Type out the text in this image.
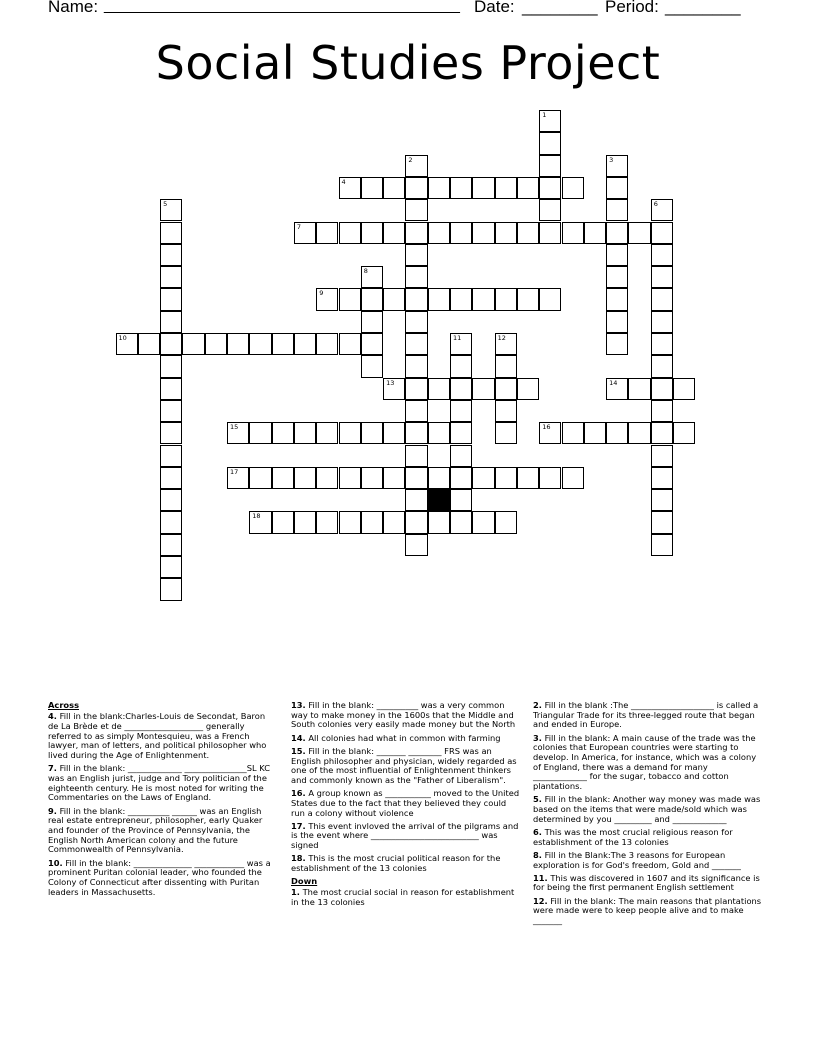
Name: ________________________________________ Date: ________ Period: ________
Social Studies Project
1
2	3
4
5	6
7
8
9
10	11	12
13	14
15	16
17
18
Across
4. Fill in the blank:Charles-Louis de Secondat, Baron de La Brède et de ___________________ generally referred to as simply Montesquieu, was a French lawyer, man of letters, and political philosopher who lived during the Age of Enlightenment.
7. Fill in the blank: _____________ _______________SL KC was an English jurist, judge and Tory politician of the eighteenth century. He is most noted for writing the Commentaries on the Laws of England.
9. Fill in the blank: __________ ______ was an English real estate entrepreneur, philosopher, early Quaker and founder of the Province of Pennsylvania, the English North American colony and the future Commonwealth of Pennsylvania.
10. Fill in the blank: ______________ ____________ was a prominent Puritan colonial leader, who founded the Colony of Connecticut after dissenting with Puritan leaders in Massachusetts.
13. Fill in the blank: __________ was a very common way to make money in the 1600s that the Middle and South colonies very easily made money but the North
14. All colonies had what in common with farming
15. Fill in the blank: _______ ________ FRS was an English philosopher and physician, widely regarded as one of the most influential of Enlightenment thinkers and commonly known as the "Father of Liberalism".
16. A group known as ___________ moved to the United States due to the fact that they believed they could run a colony without violence
17. This event invloved the arrival of the pilgrams and is the event where __________________________ was signed
18. This is the most crucial political reason for the establishment of the 13 colonies
Down
1. The most crucial social in reason for establishment in the 13 colonies
2. Fill in the blank :The ____________________ is called a Triangular Trade for its three-legged route that began and ended in Europe.
3. Fill in the blank: A main cause of the trade was the colonies that European countries were starting to develop. In America, for instance, which was a colony of England, there was a demand for many _____________ for the sugar, tobacco and cotton plantations.
5. Fill in the blank: Another way money was made was based on the items that were made/sold which was determined by you _________ and _____________
6. This was the most crucial religious reason for establishment of the 13 colonies
8. Fill in the Blank:The 3 reasons for European exploration is for God's freedom, Gold and _______
11. This was discovered in 1607 and its significance is for being the first permanent English settlement
12. Fill in the blank: The main reasons that plantations were made were to keep people alive and to make _______
